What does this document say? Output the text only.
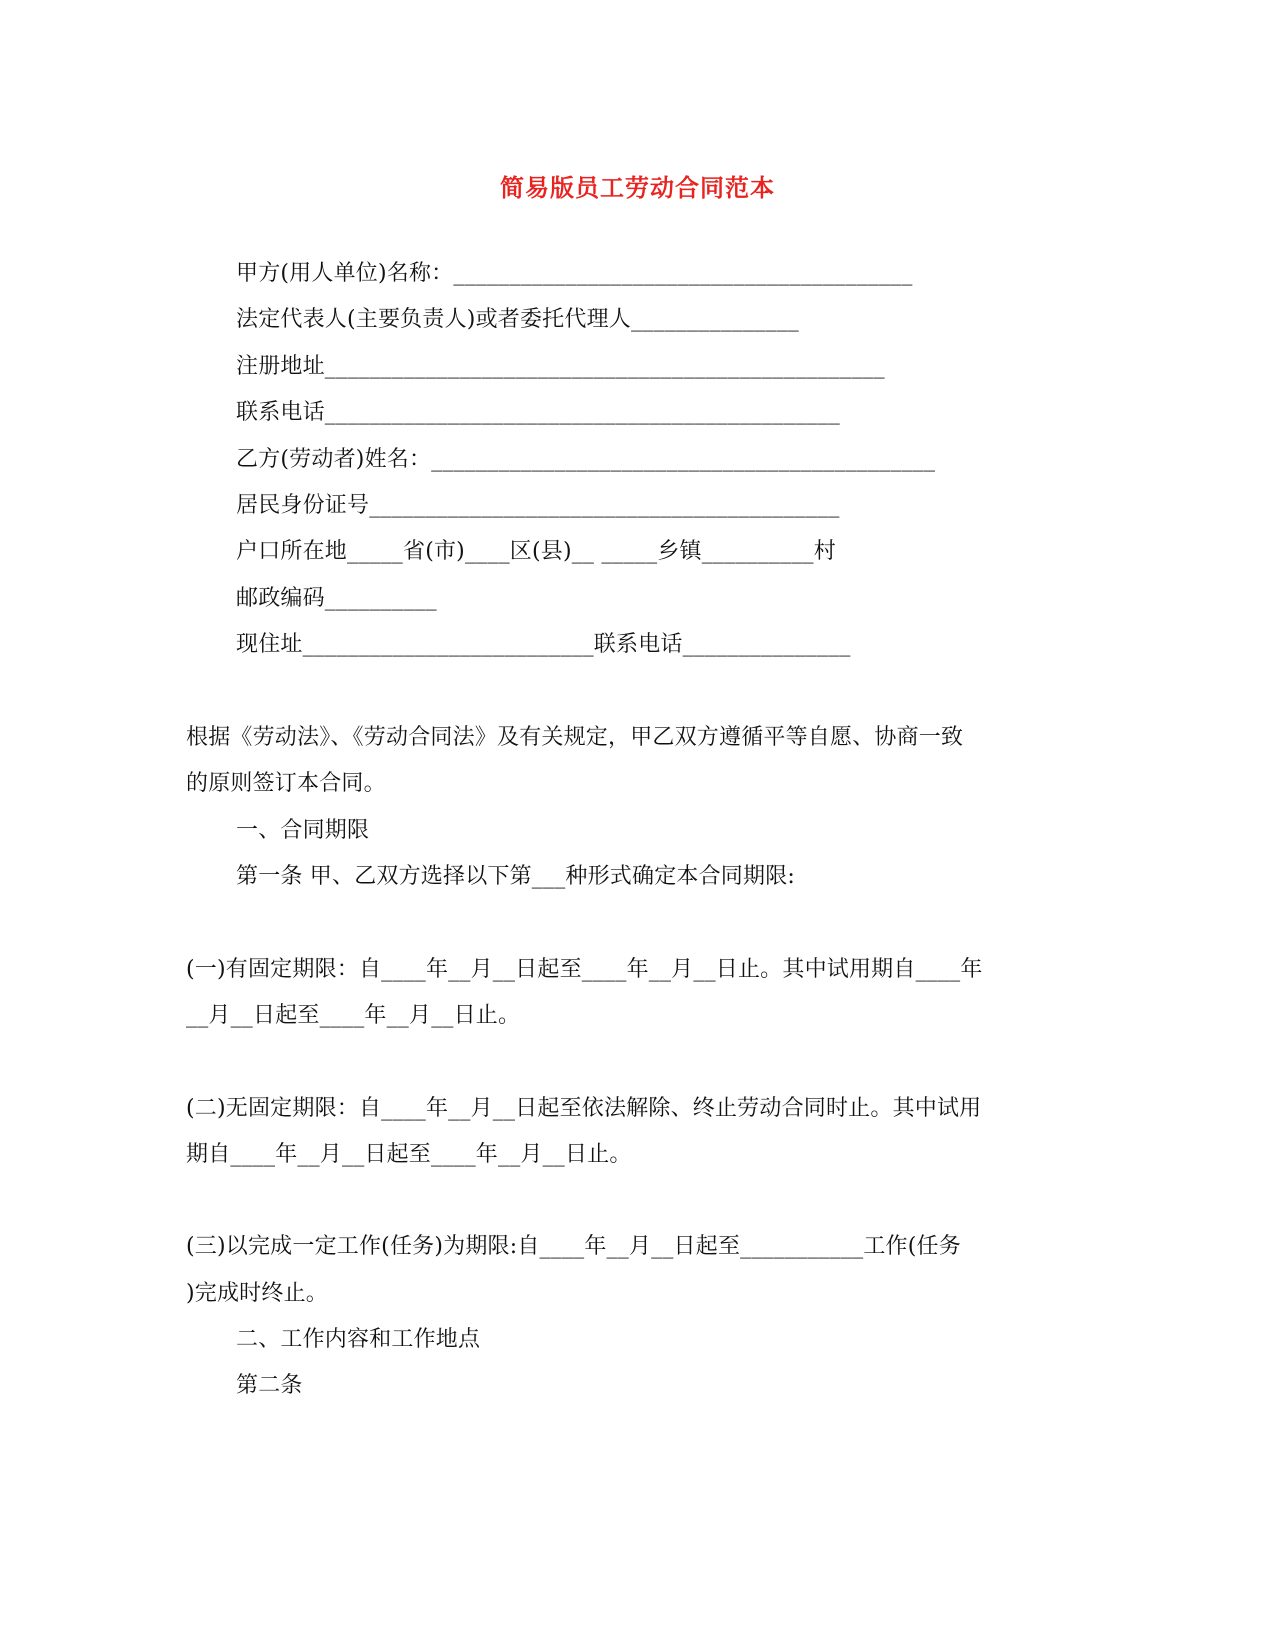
简易版员工劳动合同范本
甲方(用人单位)名称：_________________________________________
法定代表人(主要负责人)或者委托代理人_______________
注册地址__________________________________________________
联系电话______________________________________________
乙方(劳动者)姓名：_____________________________________________
居民身份证号__________________________________________
户口所在地_____省(市)____区(县)__ _____乡镇__________村
邮政编码__________
现住址__________________________联系电话_______________
根据《劳动法》、《劳动合同法》及有关规定，甲乙双方遵循平等自愿、协商一致
的原则签订本合同。
一、合同期限
第一条 甲、乙双方选择以下第___种形式确定本合同期限:
(一)有固定期限：自____年__月__日起至____年__月__日止。其中试用期自____年
__月__日起至____年__月__日止。
(二)无固定期限：自____年__月__日起至依法解除、终止劳动合同时止。其中试用
期自____年__月__日起至____年__月__日止。
(三)以完成一定工作(任务)为期限:自____年__月__日起至___________工作(任务
)完成时终止。
二、工作内容和工作地点
第二条
